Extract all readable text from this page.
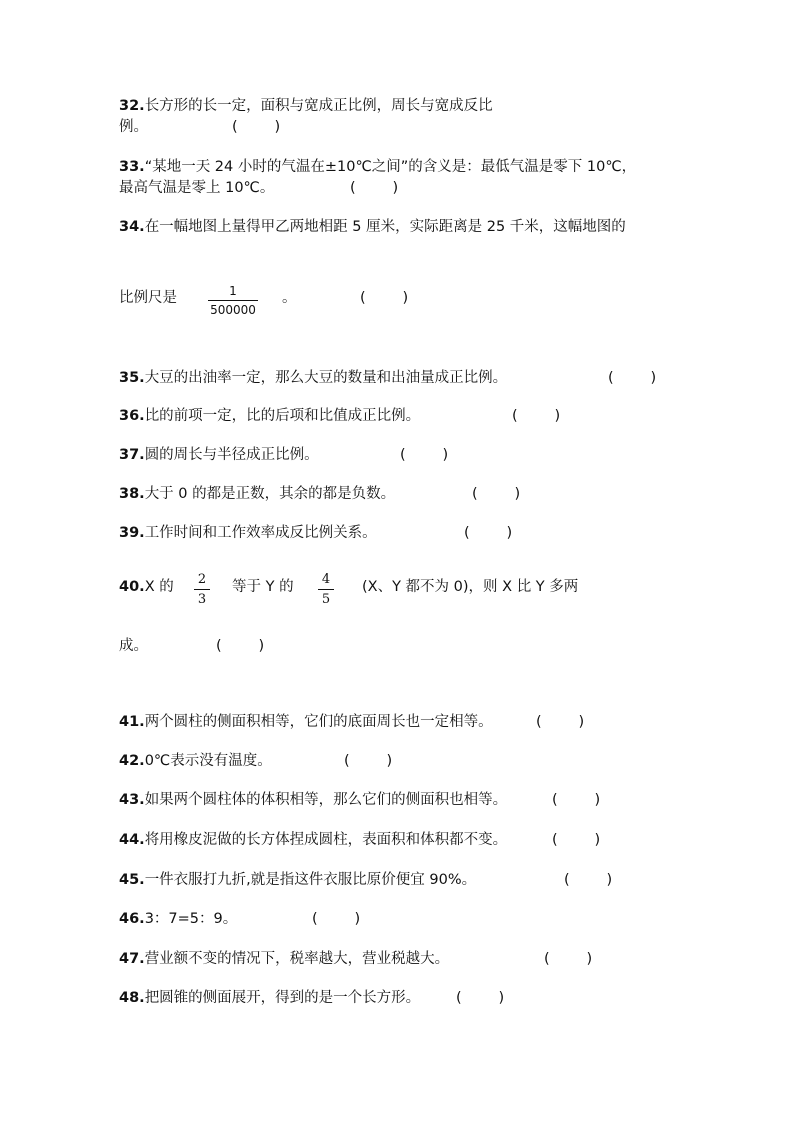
32.长方形的长一定，面积与宽成正比例，周长与宽成反比
例。	(        )
33.“某地一天 24 小时的气温在±10℃之间”的含义是：最低气温是零下 10℃，
最高气温是零上 10℃。	(        )
34.在一幅地图上量得甲乙两地相距 5 厘米，实际距离是 25 千米，这幅地图的
比例尺是	1
500000
。	(        )
35.大豆的出油率一定，那么大豆的数量和出油量成正比例。	(        )
36.比的前项一定，比的后项和比值成正比例。	(        )
37.圆的周长与半径成正比例。	(        )
38.大于 0 的都是正数，其余的都是负数。	(        )
39.工作时间和工作效率成反比例关系。	(        )
40.X 的 2
3
等于 Y 的 4
5
(X、Y 都不为 0)，则 X 比 Y 多两
成。	(        )
41.两个圆柱的侧面积相等，它们的底面周长也一定相等。	(        )
42.0℃表示没有温度。	(        )
43.如果两个圆柱体的体积相等，那么它们的侧面积也相等。	(        )
44.将用橡皮泥做的长方体捏成圆柱，表面积和体积都不变。	(        )
45.一件衣服打九折,就是指这件衣服比原价便宜 90%。	(        )
46.3：7=5：9。	(        )
47.营业额不变的情况下，税率越大，营业税越大。	(        )
48.把圆锥的侧面展开，得到的是一个长方形。 (        )
